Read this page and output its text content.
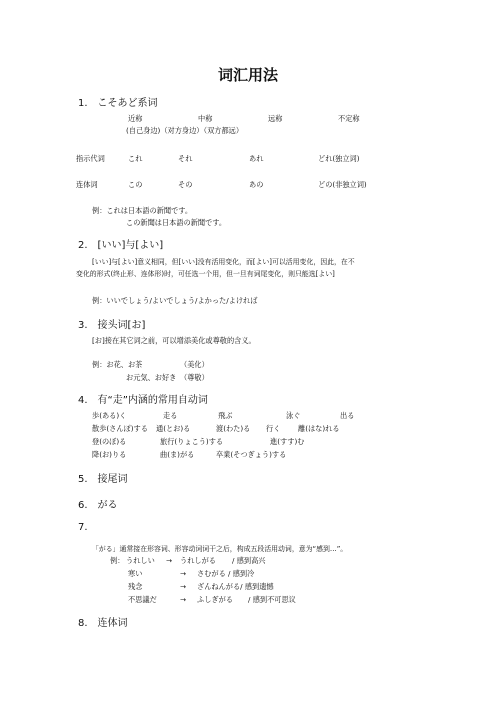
词汇用法
1.　こそあど系词
近称	中称	远称	不定称
(自己身边)（对方身边）（双方都远）
指示代词	これ	それ	あれ	どれ(独立词)
连体词	この	その	あの	どの(非独立词)
例：これは日本語の新聞です。
この新聞は日本語の新聞です。
2.　[いい]与[よい]
[いい]与[よい]意义相同，但[いい]没有活用变化，而[よい]可以活用变化，因此，在不
变化的形式(终止形、连体形)时，可任选一个用，但一旦有词尾变化，则只能选[よい]
例：いいでしょう/よいでしょう/よかった/よければ
3.　接头词[お]
[お]接在其它词之前，可以增添美化或尊敬的含义。
例：お花、お茶	（美化）
お元気、お好き （尊敬）
4.　有“走”内涵的常用自动词
歩(ある)く	走る	飛ぶ	泳ぐ	出る
散歩(さんぽ)する 通(とお)る	渡(わた)る 行く 離(はな)れる
登(のぼ)る	旅行(りょこう)する	進(すす)む
降(お)りる	曲(ま)がる	卒業(そつぎょう)する
5.　接尾词
6.　がる
7.
「がる」通常接在形容词、形容动词词干之后，构成五段活用动词，意为“感到…”。
例： うれしい → うれしがる / 感到高兴
寒い	→ さむがる / 感到冷
残念	→ ざんねんがる/ 感到遗憾
不思議だ	→ ふしぎがる / 感到不可思议
8.　连体词
